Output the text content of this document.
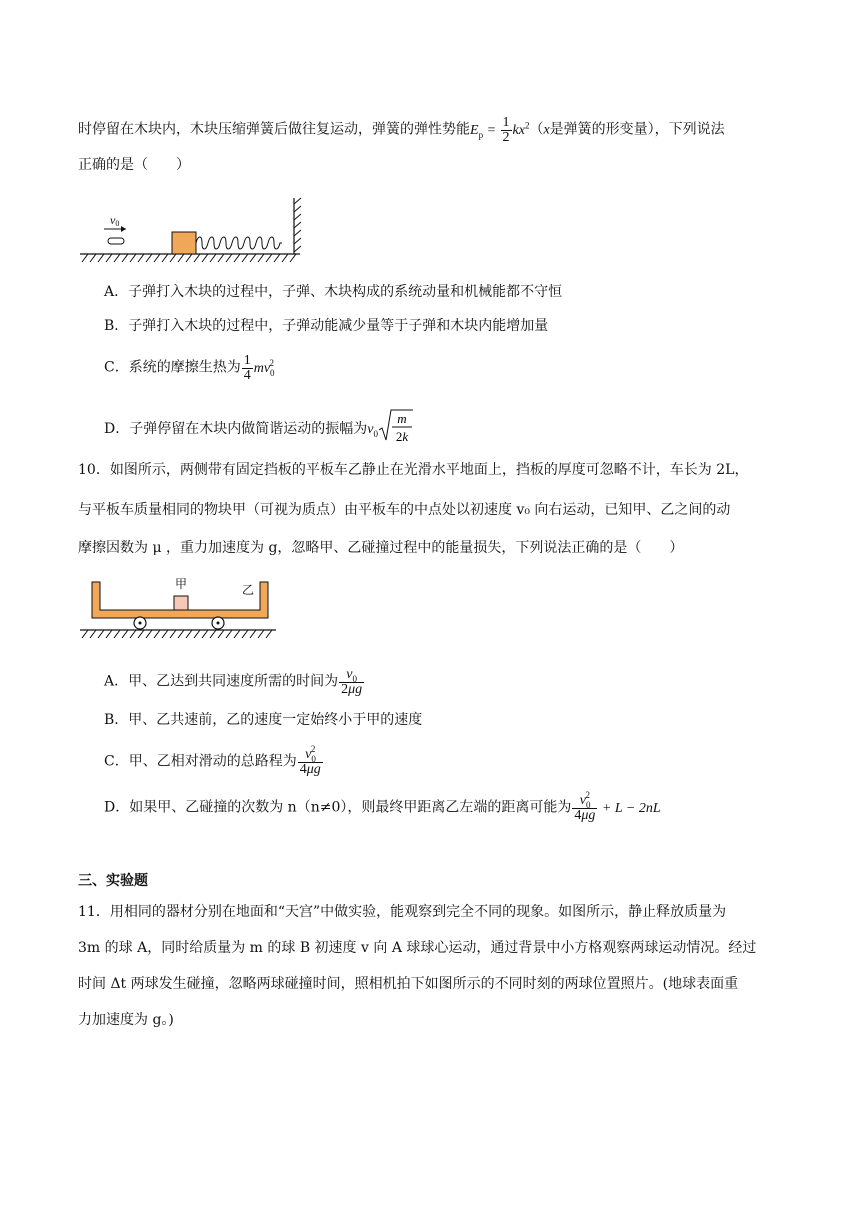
时停留在木块内，木块压缩弹簧后做往复运动，弹簧的弹性势能$E_p = \frac{1}{2} kx^2(x$是弹簧的形变量），下列说法
正确的是（　　）
v0
A．子弹打入木块的过程中，子弹、木块构成的系统动量和机械能都不守恒
B．子弹打入木块的过程中，子弹动能减少量等于子弹和木块内能增加量
C．系统的摩擦生热为 $\frac{1}{4} mv_0^2$
D．子弹停留在木块内做简谐运动的振幅为$v_0$
m
2k
10．如图所示，两侧带有固定挡板的平板车乙静止在光滑水平地面上，挡板的厚度可忽略不计，车长为 2L，
与平板车质量相同的物块甲（可视为质点）由平板车的中点处以初速度 v₀ 向右运动，已知甲、乙之间的动
摩擦因数为 μ ，重力加速度为 g，忽略甲、乙碰撞过程中的能量损失，下列说法正确的是（　　）
甲	乙
A．甲、乙达到共同速度所需的时间为 $\frac{v_0}{2\mu g}$
B．甲、乙共速前，乙的速度一定始终小于甲的速度
C．甲、乙相对滑动的总路程为 $\frac{v_0^2}{4\mu g}$
D．如果甲、乙碰撞的次数为 n（n≠0），则最终甲距离乙左端的距离可能为 $\frac{v_0^2}{4\mu g} + L - 2nL$
三、实验题
11．用相同的器材分别在地面和“天宫”中做实验，能观察到完全不同的现象。如图所示，静止释放质量为
3m 的球 A，同时给质量为 m 的球 B 初速度 v 向 A 球球心运动，通过背景中小方格观察两球运动情况。经过
时间 Δt 两球发生碰撞，忽略两球碰撞时间，照相机拍下如图所示的不同时刻的两球位置照片。(地球表面重
力加速度为 g。)
